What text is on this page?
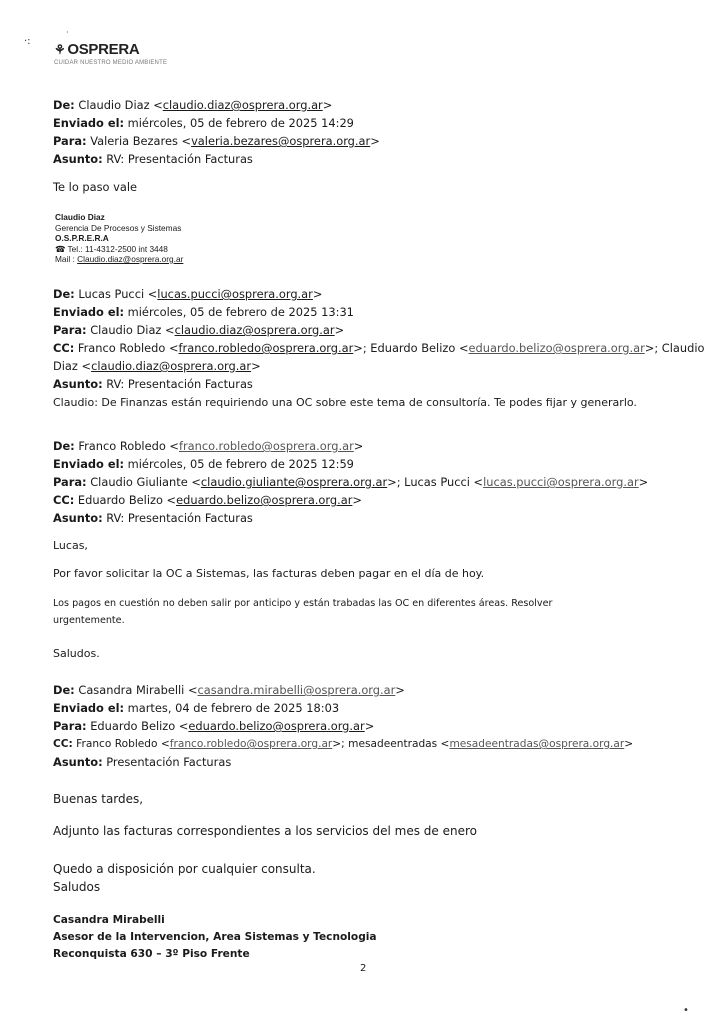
·:
·
⚘ OSPRERA
CUIDAR NUESTRO MEDIO AMBIENTE
De: Claudio Diaz <claudio.diaz@osprera.org.ar>
Enviado el: miércoles, 05 de febrero de 2025 14:29
Para: Valeria Bezares <valeria.bezares@osprera.org.ar>
Asunto: RV: Presentación Facturas
Te lo paso vale
Claudio Diaz
Gerencia De Procesos y Sistemas
O.S.P.R.E.R.A
☎ Tel.: 11-4312-2500 int 3448
Mail : Claudio.diaz@osprera.org.ar
De: Lucas Pucci <lucas.pucci@osprera.org.ar>
Enviado el: miércoles, 05 de febrero de 2025 13:31
Para: Claudio Diaz <claudio.diaz@osprera.org.ar>
CC: Franco Robledo <franco.robledo@osprera.org.ar>; Eduardo Belizo <eduardo.belizo@osprera.org.ar>; Claudio
Diaz <claudio.diaz@osprera.org.ar>
Asunto: RV: Presentación Facturas
Claudio: De Finanzas están requiriendo una OC sobre este tema de consultoría. Te podes fijar y generarlo.
De: Franco Robledo <franco.robledo@osprera.org.ar>
Enviado el: miércoles, 05 de febrero de 2025 12:59
Para: Claudio Giuliante <claudio.giuliante@osprera.org.ar>; Lucas Pucci <lucas.pucci@osprera.org.ar>
CC: Eduardo Belizo <eduardo.belizo@osprera.org.ar>
Asunto: RV: Presentación Facturas
Lucas,
Por favor solicitar la OC a Sistemas, las facturas deben pagar en el día de hoy.
Los pagos en cuestión no deben salir por anticipo y están trabadas las OC en diferentes áreas. Resolver
urgentemente.
Saludos.
De: Casandra Mirabelli <casandra.mirabelli@osprera.org.ar>
Enviado el: martes, 04 de febrero de 2025 18:03
Para: Eduardo Belizo <eduardo.belizo@osprera.org.ar>
CC: Franco Robledo <franco.robledo@osprera.org.ar>; mesadeentradas <mesadeentradas@osprera.org.ar>
Asunto: Presentación Facturas
Buenas tardes,
Adjunto las facturas correspondientes a los servicios del mes de enero
Quedo a disposición por cualquier consulta.
Saludos
Casandra Mirabelli
Asesor de la Intervencion, Area Sistemas y Tecnologia
Reconquista 630 – 3º Piso Frente
2
•
